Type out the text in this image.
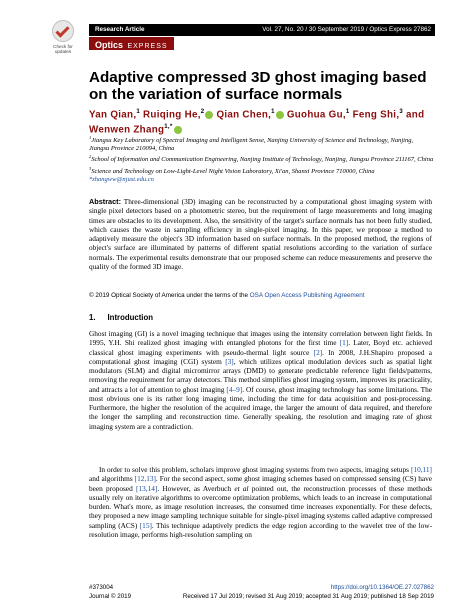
Check for
updates
Research Article	Vol. 27, No. 20 / 30 September 2019 / Optics Express 27862
Optics EXPRESS
Adaptive compressed 3D ghost imaging based on the variation of surface normals
Yan Qian,$^1$ Ruiqing He,$^2$ Qian Chen,$^1$ Guohua Gu,$^1$ Feng Shi,$^3$ and Wenwen Zhang$^{1,*}$

$^1$Jiangsu Key Laboratory of Spectral Imaging and Intelligent Sense, Nanjing University of Science and Technology, Nanjing, Jiangsu Province 210094, China

$^2$School of Information and Communication Engineering, Nanjing Institute of Technology, Nanjing, Jiangsu Province 211167, China

$^3$Science and Technology on Low-Light-Level Night Vision Laboratory, Xi'an, Shanxi Province 710000, China

*zhangww@njust.edu.cn

Abstract: Three-dimensional (3D) imaging can be reconstructed by a computational ghost imaging system with single pixel detectors based on a photometric stereo, but the requirement of large measurements and long imaging times are obstacles to its development. Also, the sensitivity of the target's surface normals has not been fully studied, which causes the waste in sampling efficiency in single-pixel imaging. In this paper, we propose a method to adaptively measure the object's 3D information based on surface normals. In the proposed method, the regions of object's surface are illuminated by patterns of different spatial resolutions according to the variation of surface normals. The experimental results demonstrate that our proposed scheme can reduce measurements and preserve the quality of the formed 3D image.

© 2019 Optical Society of America under the terms of the OSA Open Access Publishing Agreement
1. Introduction

Ghost imaging (GI) is a novel imaging technique that images using the intensity correlation between light fields. In 1995, Y.H. Shi realized ghost imaging with entangled photons for the first time [1]. Later, Boyd etc. achieved classical ghost imaging experiments with pseudo-thermal light source [2]. In 2008, J.H.Shapiro proposed a computational ghost imaging (CGI) system [3], which utilizes optical modulation devices such as spatial light modulators (SLM) and digital micromirror arrays (DMD) to generate predictable reference light fields/patterns, removing the requirement for array detectors. This method simplifies ghost imaging system, improves its practicality, and attracts a lot of attention to ghost imaging [4–9]. Of course, ghost imaging technology has some limitations. The most obvious one is its rather long imaging time, including the time for data acquisition and post-processing. Furthermore, the higher the resolution of the acquired image, the larger the amount of data required, and therefore the longer the sampling and reconstruction time. Generally speaking, the resolution and imaging rate of ghost imaging system are a contradiction.

In order to solve this problem, scholars improve ghost imaging systems from two aspects, imaging setups [10,11] and algorithms [12,13]. For the second aspect, some ghost imaging schemes based on compressed sensing (CS) have been proposed [13,14]. However, as Averbuch et al pointed out, the reconstruction processes of these methods usually rely on iterative algorithms to overcome optimization problems, which leads to an increase in computational burden. What's more, as image resolution increases, the consumed time increases exponentially. For these defects, they proposed a new image sampling technique suitable for single-pixel imaging systems called adaptive compressed sampling (ACS) [15]. This technique adaptively predicts the edge region according to the wavelet tree of the low-resolution image, performs high-resolution sampling on

#373004
Journal © 2019
https://doi.org/10.1364/OE.27.027862
Received 17 Jul 2019; revised 31 Aug 2019; accepted 31 Aug 2019; published 18 Sep 2019
